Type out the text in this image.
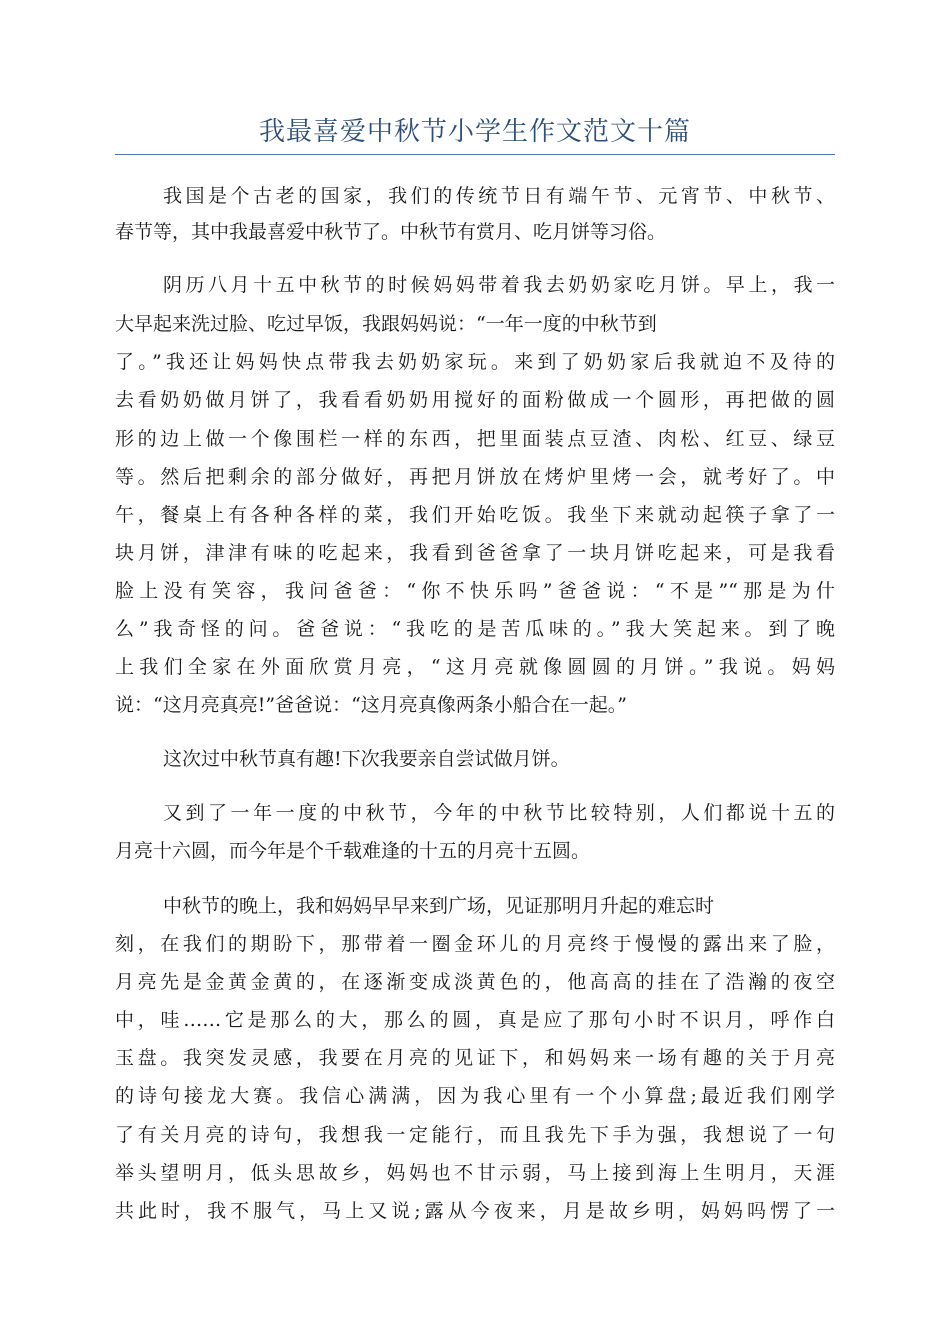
我最喜爱中秋节小学生作文范文十篇

我国是个古老的国家，我们的传统节日有端午节、元宵节、中秋节、

春节等，其中我最喜爱中秋节了。中秋节有赏月、吃月饼等习俗。

阴历八月十五中秋节的时候妈妈带着我去奶奶家吃月饼。早上，我一

大早起来洗过脸、吃过早饭，我跟妈妈说：“一年一度的中秋节到

了。”我还让妈妈快点带我去奶奶家玩。来到了奶奶家后我就迫不及待的

去看奶奶做月饼了，我看看奶奶用搅好的面粉做成一个圆形，再把做的圆

形的边上做一个像围栏一样的东西，把里面装点豆渣、肉松、红豆、绿豆

等。然后把剩余的部分做好，再把月饼放在烤炉里烤一会，就考好了。中

午，餐桌上有各种各样的菜，我们开始吃饭。我坐下来就动起筷子拿了一

块月饼，津津有味的吃起来，我看到爸爸拿了一块月饼吃起来，可是我看

脸上没有笑容，我问爸爸：“你不快乐吗”爸爸说：“不是”“那是为什

么”我奇怪的问。爸爸说：“我吃的是苦瓜味的。”我大笑起来。到了晚

上我们全家在外面欣赏月亮，“这月亮就像圆圆的月饼。”我说。妈妈

说：“这月亮真亮!”爸爸说：“这月亮真像两条小船合在一起。”

这次过中秋节真有趣!下次我要亲自尝试做月饼。

又到了一年一度的中秋节，今年的中秋节比较特别，人们都说十五的

月亮十六圆，而今年是个千载难逢的十五的月亮十五圆。

中秋节的晚上，我和妈妈早早来到广场，见证那明月升起的难忘时

刻，在我们的期盼下，那带着一圈金环儿的月亮终于慢慢的露出来了脸，

月亮先是金黄金黄的，在逐渐变成淡黄色的，他高高的挂在了浩瀚的夜空

中，哇……它是那么的大，那么的圆，真是应了那句小时不识月，呼作白

玉盘。我突发灵感，我要在月亮的见证下，和妈妈来一场有趣的关于月亮

的诗句接龙大赛。我信心满满，因为我心里有一个小算盘;最近我们刚学

了有关月亮的诗句，我想我一定能行，而且我先下手为强，我想说了一句

举头望明月，低头思故乡，妈妈也不甘示弱，马上接到海上生明月，天涯

共此时，我不服气，马上又说;露从今夜来，月是故乡明，妈妈吗愣了一
